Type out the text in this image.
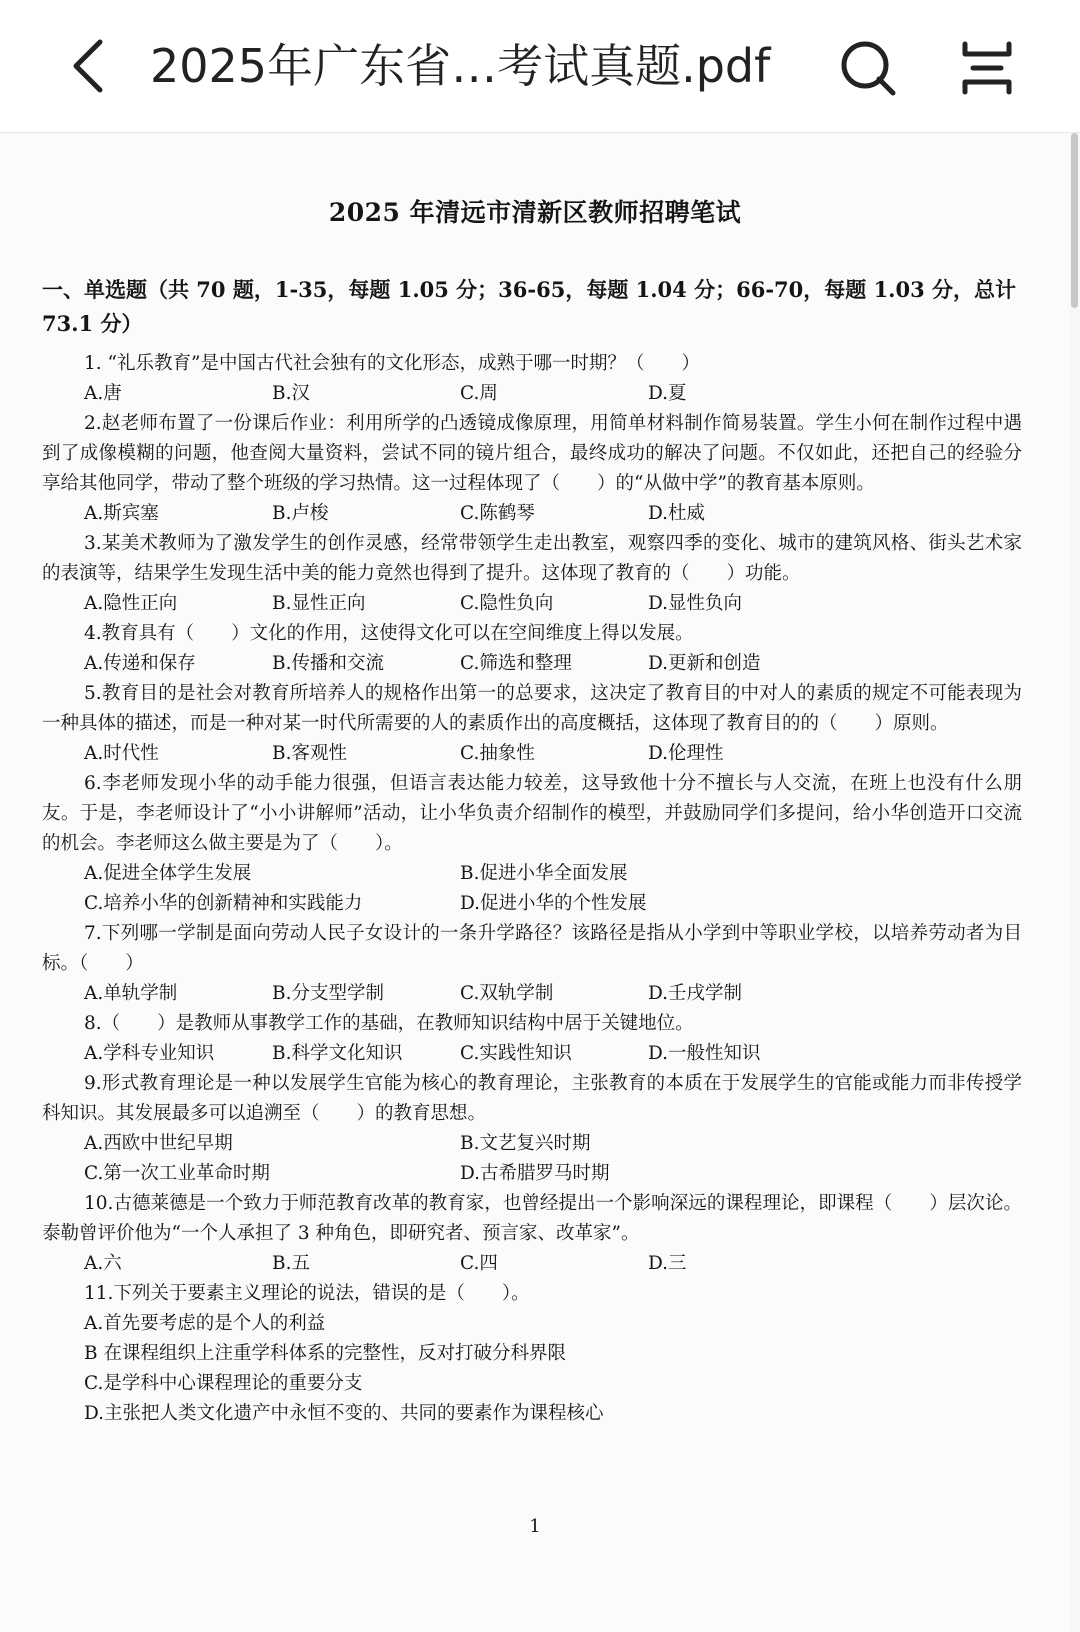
2025年广东省…考试真题.pdf
2025 年清远市清新区教师招聘笔试
一、单选题（共 70 题，1-35，每题 1.05 分；36-65，每题 1.04 分；66-70，每题 1.03 分，总计 73.1 分）

1. “礼乐教育”是中国古代社会独有的文化形态，成熟于哪一时期？（　　）

A.唐	B.汉	C.周	D.夏

2.赵老师布置了一份课后作业：利用所学的凸透镜成像原理，用简单材料制作简易装置。学生小何在制作过程中遇到了成像模糊的问题，他查阅大量资料，尝试不同的镜片组合，最终成功的解决了问题。不仅如此，还把自己的经验分享给其他同学，带动了整个班级的学习热情。这一过程体现了（　　）的“从做中学”的教育基本原则。

A.斯宾塞	B.卢梭	C.陈鹤琴	D.杜威

3.某美术教师为了激发学生的创作灵感，经常带领学生走出教室，观察四季的变化、城市的建筑风格、街头艺术家的表演等，结果学生发现生活中美的能力竟然也得到了提升。这体现了教育的（　　）功能。

A.隐性正向	B.显性正向	C.隐性负向	D.显性负向

4.教育具有（　　）文化的作用，这使得文化可以在空间维度上得以发展。

A.传递和保存	B.传播和交流	C.筛选和整理	D.更新和创造

5.教育目的是社会对教育所培养人的规格作出第一的总要求，这决定了教育目的中对人的素质的规定不可能表现为一种具体的描述，而是一种对某一时代所需要的人的素质作出的高度概括，这体现了教育目的的（　　）原则。

A.时代性	B.客观性	C.抽象性	D.伦理性

6.李老师发现小华的动手能力很强，但语言表达能力较差，这导致他十分不擅长与人交流，在班上也没有什么朋友。于是，李老师设计了“小小讲解师”活动，让小华负责介绍制作的模型，并鼓励同学们多提问，给小华创造开口交流的机会。李老师这么做主要是为了（　　）。

A.促进全体学生发展	B.促进小华全面发展
C.培养小华的创新精神和实践能力	D.促进小华的个性发展

7.下列哪一学制是面向劳动人民子女设计的一条升学路径？该路径是指从小学到中等职业学校，以培养劳动者为目标。（　　）

A.单轨学制	B.分支型学制	C.双轨学制	D.壬戌学制

8.（　　）是教师从事教学工作的基础，在教师知识结构中居于关键地位。

A.学科专业知识	B.科学文化知识	C.实践性知识	D.一般性知识

9.形式教育理论是一种以发展学生官能为核心的教育理论，主张教育的本质在于发展学生的官能或能力而非传授学科知识。其发展最多可以追溯至（　　）的教育思想。

A.西欧中世纪早期	B.文艺复兴时期
C.第一次工业革命时期	D.古希腊罗马时期

10.古德莱德是一个致力于师范教育改革的教育家，也曾经提出一个影响深远的课程理论，即课程（　　）层次论。泰勒曾评价他为“一个人承担了 3 种角色，即研究者、预言家、改革家”。

A.六	B.五	C.四	D.三

11.下列关于要素主义理论的说法，错误的是（　　）。

A.首先要考虑的是个人的利益

B 在课程组织上注重学科体系的完整性，反对打破分科界限

C.是学科中心课程理论的重要分支

D.主张把人类文化遗产中永恒不变的、共同的要素作为课程核心

1
